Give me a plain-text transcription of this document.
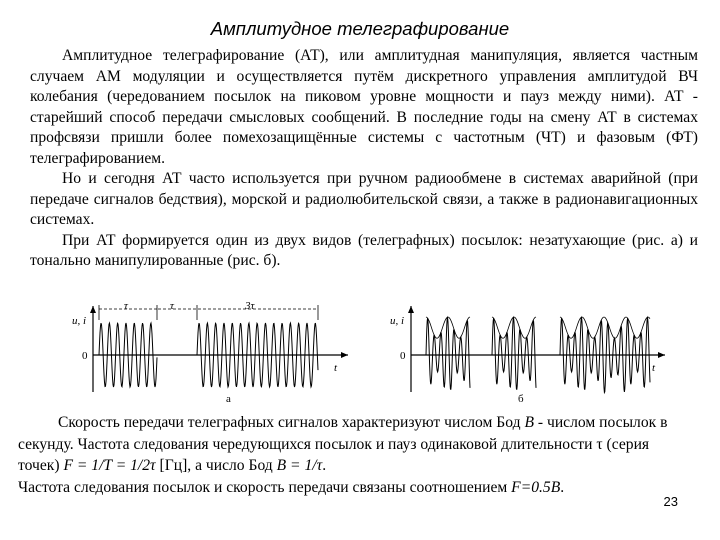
Амплитудное телеграфирование

Амплитудное телеграфирование (АТ), или амплитудная манипуляция, является частным случаем АМ модуляции и осуществляется путём дискретного управления амплитудой ВЧ колебания (чередованием посылок на пиковом уровне мощности и пауз между ними). АТ - старейший способ передачи смысловых сообщений. В последние годы на смену АТ в системах профсвязи пришли более помехозащищённые системы с частотным (ЧТ) и фазовым (ФТ) телеграфированием.

Но и сегодня АТ часто используется при ручном радиообмене в системах аварийной (при передаче сигналов бедствия), морской и радиолюбительской связи, а также в радионавигационных системах.

При АТ формируется один из двух видов (телеграфных) посылок: незатухающие (рис. а) и тонально манипулированные (рис. б).

u, i
0
t
а
τ	τ	3τ
u, i
0
t
б

Скорость передачи телеграфных сигналов характеризуют числом Бод B - числом посылок в секунду. Частота следования чередующихся посылок и пауз одинаковой длительности τ (серия точек) F = 1/T = 1/2τ [Гц], а число Бод B = 1/τ.

Частота следования посылок и скорость передачи связаны соотношением F=0.5B.

23
